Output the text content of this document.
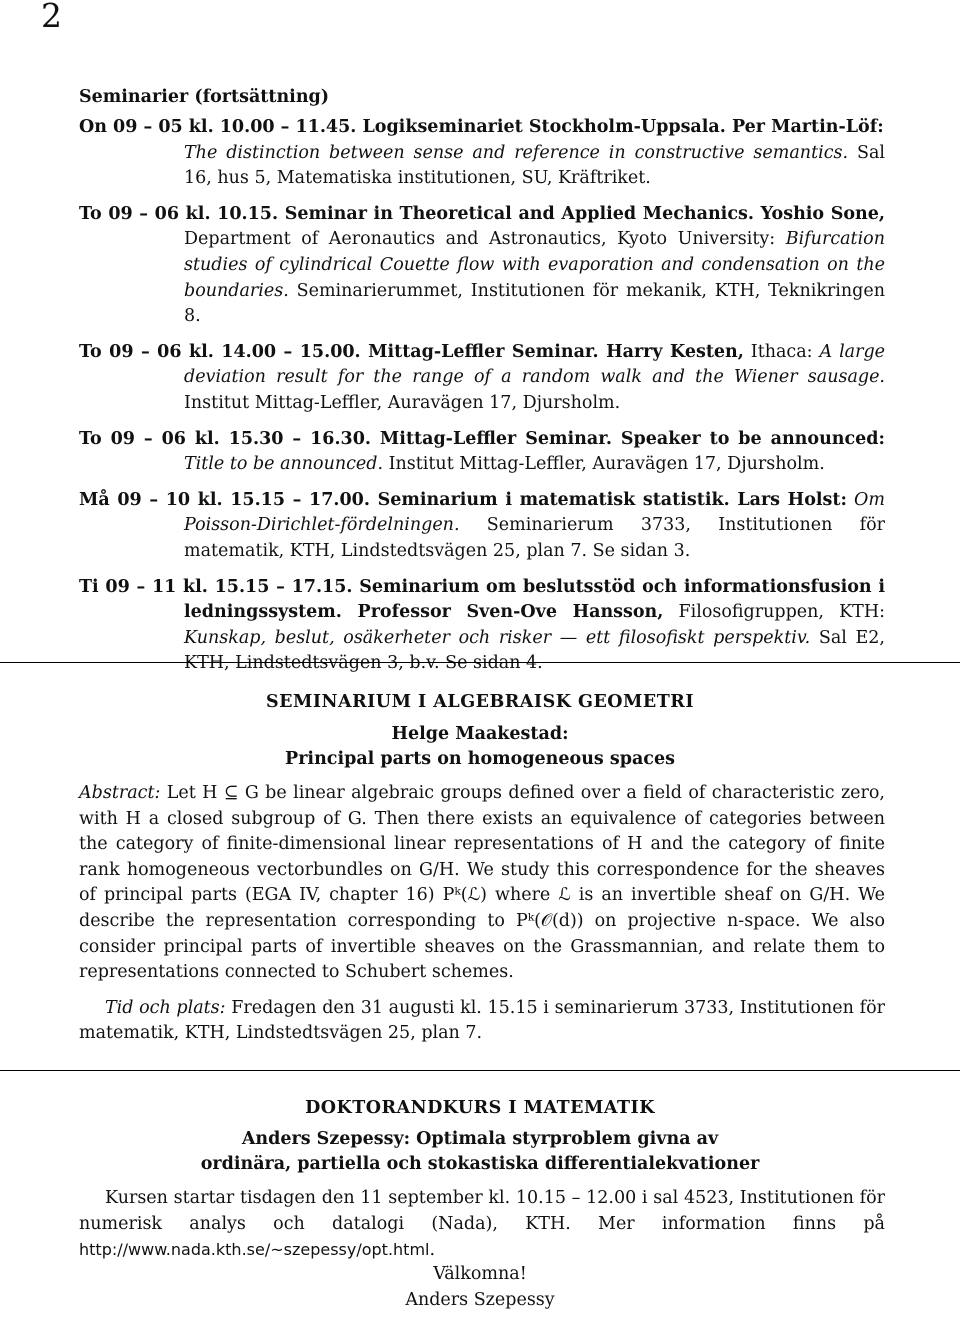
2
Seminarier (fortsättning)

On 09 – 05 kl. 10.00 – 11.45. Logikseminariet Stockholm-Uppsala. Per Martin-Löf:
The distinction between sense and reference in constructive semantics. Sal 16, hus 5, Matematiska institutionen, SU, Kräftriket.

To 09 – 06 kl. 10.15. Seminar in Theoretical and Applied Mechanics. Yoshio Sone, Department of Aeronautics and Astronautics, Kyoto University: Bifurcation studies of cylindrical Couette flow with evaporation and condensation on the boundaries. Seminarierummet, Institutionen för mekanik, KTH, Teknikringen 8.

To 09 – 06 kl. 14.00 – 15.00. Mittag-Leffler Seminar. Harry Kesten, Ithaca: A large deviation result for the range of a random walk and the Wiener sausage. Institut Mittag-Leffler, Auravägen 17, Djursholm.

To 09 – 06 kl. 15.30 – 16.30. Mittag-Leffler Seminar. Speaker to be announced: Title to be announced. Institut Mittag-Leffler, Auravägen 17, Djursholm.

Må 09 – 10 kl. 15.15 – 17.00. Seminarium i matematisk statistik. Lars Holst: Om Poisson-Dirichlet-fördelningen. Seminarierum 3733, Institutionen för matematik, KTH, Lindstedtsvägen 25, plan 7. Se sidan 3.

Ti 09 – 11 kl. 15.15 – 17.15. Seminarium om beslutsstöd och informationsfusion i ledningssystem. Professor Sven-Ove Hansson, Filosofigruppen, KTH: Kunskap, beslut, osäkerheter och risker — ett filosofiskt perspektiv. Sal E2, KTH, Lindstedtsvägen 3, b.v. Se sidan 4.

SEMINARIUM I ALGEBRAISK GEOMETRI
Helge Maakestad:
Principal parts on homogeneous spaces

Abstract: Let H ⊆ G be linear algebraic groups defined over a field of characteristic zero, with H a closed subgroup of G. Then there exists an equivalence of categories between the category of finite-dimensional linear representations of H and the category of finite rank homogeneous vectorbundles on G/H. We study this correspondence for the sheaves of principal parts (EGA IV, chapter 16) Pᵏ(ℒ) where ℒ is an invertible sheaf on G/H. We describe the representation corresponding to Pᵏ(𝒪(d)) on projective n-space. We also consider principal parts of invertible sheaves on the Grassmannian, and relate them to representations connected to Schubert schemes.

Tid och plats: Fredagen den 31 augusti kl. 15.15 i seminarierum 3733, Institutionen för matematik, KTH, Lindstedtsvägen 25, plan 7.

DOKTORANDKURS I MATEMATIK
Anders Szepessy: Optimala styrproblem givna av
ordinära, partiella och stokastiska differentialekvationer

Kursen startar tisdagen den 11 september kl. 10.15 – 12.00 i sal 4523, Institutionen för numerisk analys och datalogi (Nada), KTH. Mer information finns på http://www.nada.kth.se/~szepessy/opt.html.

Välkomna!
Anders Szepessy
